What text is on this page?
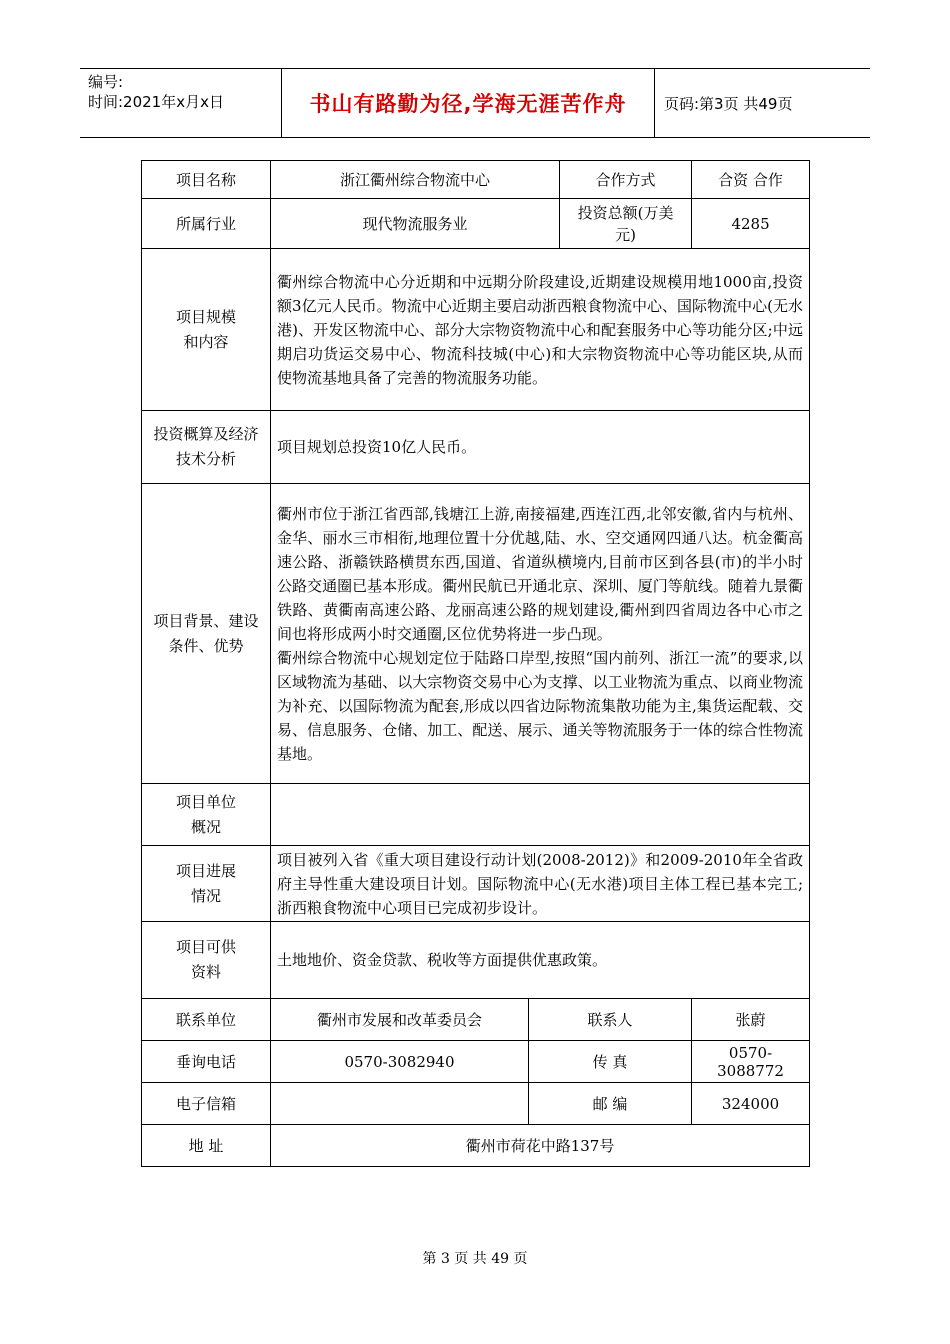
编号:
时间:2021年x月x日	书山有路勤为径,学海无涯苦作舟	页码:第3页 共49页
项目名称	浙江衢州综合物流中心		合作方式	合资 合作
所属行业	现代物流服务业		投资总额(万美元)	4285
项目规模和内容	衢州综合物流中心分近期和中远期分阶段建设,近期建设规模用地1000亩,投资额3亿元人民币。物流中心近期主要启动浙西粮食物流中心、国际物流中心(无水港)、开发区物流中心、部分大宗物资物流中心和配套服务中心等功能分区;中远期启功货运交易中心、物流科技城(中心)和大宗物资物流中心等功能区块,从而使物流基地具备了完善的物流服务功能。			
投资概算及经济技术分析	项目规划总投资10亿人民币。			
项目背景、建设条件、优势	衢州市位于浙江省西部,钱塘江上游,南接福建,西连江西,北邻安徽,省内与杭州、金华、丽水三市相衔,地理位置十分优越,陆、水、空交通网四通八达。杭金衢高速公路、浙赣铁路横贯东西,国道、省道纵横境内,目前市区到各县(市)的半小时公路交通圈已基本形成。衢州民航已开通北京、深圳、厦门等航线。随着九景衢铁路、黄衢南高速公路、龙丽高速公路的规划建设,衢州到四省周边各中心市之间也将形成两小时交通圈,区位优势将进一步凸现。
衢州综合物流中心规划定位于陆路口岸型,按照“国内前列、浙江一流”的要求,以区域物流为基础、以大宗物资交易中心为支撑、以工业物流为重点、以商业物流为补充、以国际物流为配套,形成以四省边际物流集散功能为主,集货运配载、交易、信息服务、仓储、加工、配送、展示、通关等物流服务于一体的综合性物流基地。			

项目单位概况				
项目进展情况	项目被列入省《重大项目建设行动计划(2008-2012)》和2009-2010年全省政府主导性重大建设项目计划。国际物流中心(无水港)项目主体工程已基本完工;浙西粮食物流中心项目已完成初步设计。			
项目可供资料	土地地价、资金贷款、税收等方面提供优惠政策。			
联系单位	衢州市发展和改革委员会	联系人		张蔚
垂询电话	0570-3082940	传 真		0570-3088772
电子信箱		邮 编		324000
地 址	衢州市荷花中路137号			
第 3 页 共 49 页
